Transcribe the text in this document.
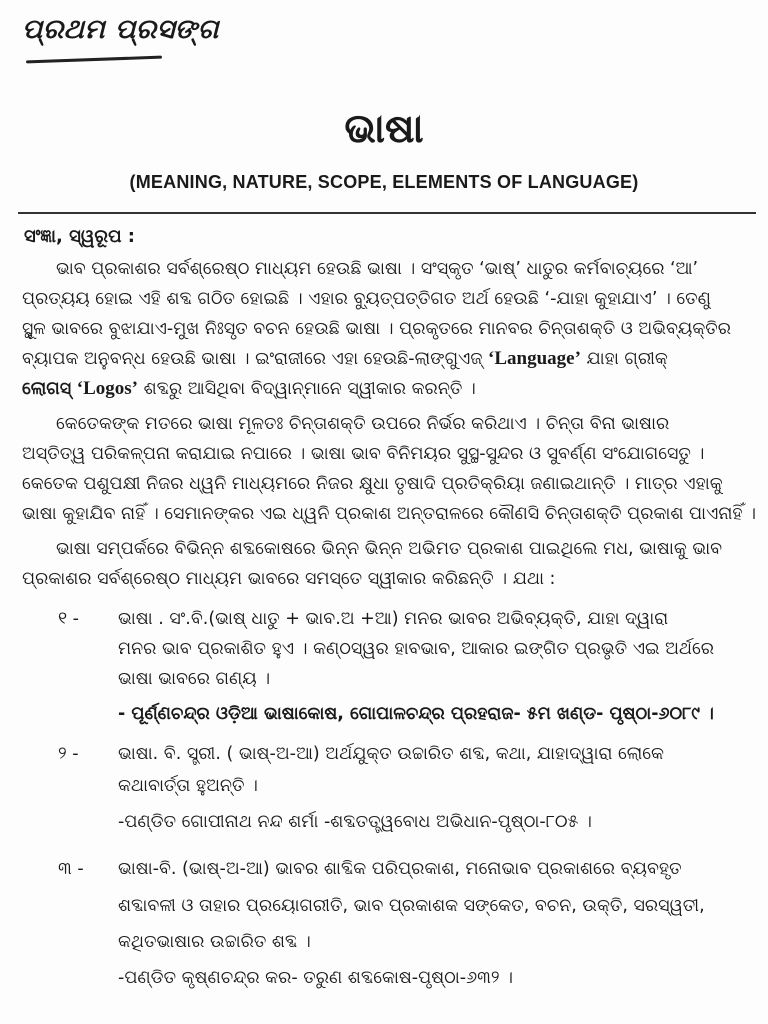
ପ୍ରଥମ ପ୍ରସଙ୍ଗ
ଭାଷା
(MEANING, NATURE, SCOPE, ELEMENTS OF LANGUAGE)
ସଂଜ୍ଞା, ସ୍ୱରୂପ :
ଭାବ ପ୍ରକାଶର ସର୍ବଶ୍ରେଷ୍ଠ ମାଧ୍ୟମ ହେଉଛି ଭାଷା । ସଂସ୍କୃତ ‘ଭାଷ୍’ ଧାତୁର କର୍ମବାଚ୍ୟରେ ‘ଆ’
ପ୍ରତ୍ୟୟ ହୋଇ ଏହି ଶବ୍ଦ ଗଠିତ ହୋଇଛି । ଏହାର ବ୍ୟୁତ୍ପତ୍ତିଗତ ଅର୍ଥ ହେଉଛି ‘-ଯାହା କୁହାଯାଏ’ । ତେଣୁ
ସ୍ଥୂଳ ଭାବରେ ବୁଝାଯାଏ-ମୁଖ ନିଃସୃତ ବଚନ ହେଉଛି ଭାଷା । ପ୍ରକୃତରେ ମାନବର ଚିନ୍ତାଶକ୍ତି ଓ ଅଭିବ୍ୟକ୍ତିର
ବ୍ୟାପକ ଅନୁବନ୍ଧ ହେଉଛି ଭାଷା । ଇଂରାଜୀରେ ଏହା ହେଉଛି-ଲାଙ୍ଗୁଏଜ୍ ‘Language’ ଯାହା ଗ୍ରୀକ୍
ଲୋଗସ୍ ‘Logos’ ଶବ୍ଦରୁ ଆସିଥିବା ବିଦ୍ୱାନ୍‌ମାନେ ସ୍ୱୀକାର କରନ୍ତି ।
କେତେକଙ୍କ ମତରେ ଭାଷା ମୂଳତଃ ଚିନ୍ତାଶକ୍ତି ଉପରେ ନିର୍ଭର କରିଥାଏ । ଚିନ୍ତା ବିନା ଭାଷାର
ଅସ୍ତିତ୍ୱ ପରିକଳ୍ପନା କରାଯାଇ ନପାରେ । ଭାଷା ଭାବ ବିନିମୟର ସୁସ୍ଥ-ସୁନ୍ଦର ଓ ସୁବର୍ଣ୍ଣ ସଂଯୋଗସେତୁ ।
କେତେକ ପଶୁପକ୍ଷୀ ନିଜର ଧ୍ୱନି ମାଧ୍ୟମରେ ନିଜର କ୍ଷୁଧା ତୃଷାଦି ପ୍ରତିକ୍ରିୟା ଜଣାଇଥାନ୍ତି । ମାତ୍ର ଏହାକୁ
ଭାଷା କୁହାଯିବ ନାହିଁ । ସେମାନଙ୍କର ଏଇ ଧ୍ୱନି ପ୍ରକାଶ ଅନ୍ତରାଳରେ କୌଣସି ଚିନ୍ତାଶକ୍ତି ପ୍ରକାଶ ପାଏନାହିଁ ।
ଭାଷା ସମ୍ପର୍କରେ ବିଭିନ୍ନ ଶବ୍ଦକୋଷରେ ଭିନ୍ନ ଭିନ୍ନ ଅଭିମତ ପ୍ରକାଶ ପାଇଥିଲେ ମଧ, ଭାଷାକୁ ଭାବ
ପ୍ରକାଶର ସର୍ବଶ୍ରେଷ୍ଠ ମାଧ୍ୟମ ଭାବରେ ସମସ୍ତେ ସ୍ୱୀକାର କରିଛନ୍ତି । ଯଥା :
୧ - ଭାଷା . ସଂ.ବି.(ଭାଷ୍ ଧାତୁ + ଭାବ.ଅ +ଆ) ମନର ଭାବର ଅଭିବ୍ୟକ୍ତି, ଯାହା ଦ୍ୱାରା
ମନର ଭାବ ପ୍ରକାଶିତ ହୁଏ । କଣ୍ଠସ୍ୱର ହାବଭାବ, ଆକାର ଇଙ୍ଗିତ ପ୍ରଭୃତି ଏଇ ଅର୍ଥରେ
ଭାଷା ଭାବରେ ଗଣ୍ୟ ।
- ପୂର୍ଣ୍ଣଚନ୍ଦ୍ର ଓଡ଼ିଆ ଭାଷାକୋଷ, ଗୋପାଳଚନ୍ଦ୍ର ପ୍ରହରାଜ- ୫ମ ଖଣ୍ଡ- ପୃଷ୍ଠା-୬୦୮୯ ।
୨ - ଭାଷା. ବି. ସ୍ତ୍ରୀ. ( ଭାଷ୍-ଅ-ଆ) ଅର୍ଥଯୁକ୍ତ ଉଚ୍ଚାରିତ ଶବ୍ଦ, କଥା, ଯାହାଦ୍ୱାରା ଲୋକେ
କଥାବାର୍ତ୍ତା ହୁଅନ୍ତି ।
-ପଣ୍ଡିତ ଗୋପୀନାଥ ନନ୍ଦ ଶର୍ମା -ଶବ୍ଦତତ୍ତ୍ୱବୋଧ ଅଭିଧାନ-ପୃଷ୍ଠା-୮୦୫ ।
୩ - ଭାଷା-ବି. (ଭାଷ୍-ଅ-ଆ) ଭାବର ଶାବ୍ଦିକ ପରିପ୍ରକାଶ, ମନୋଭାବ ପ୍ରକାଶରେ ବ୍ୟବହୃତ
ଶବ୍ଦାବଳୀ ଓ ତାହାର ପ୍ରୟୋଗରୀତି, ଭାବ ପ୍ରକାଶକ ସଙ୍କେତ, ବଚନ, ଉକ୍ତି, ସରସ୍ୱତୀ,
କଥିତଭାଷାର ଉଚ୍ଚାରିତ ଶବ୍ଦ ।
-ପଣ୍ଡିତ କୃଷ୍ଣଚନ୍ଦ୍ର କର- ତରୁଣ ଶବ୍ଦକୋଷ-ପୃଷ୍ଠା-୬୩୨ ।
